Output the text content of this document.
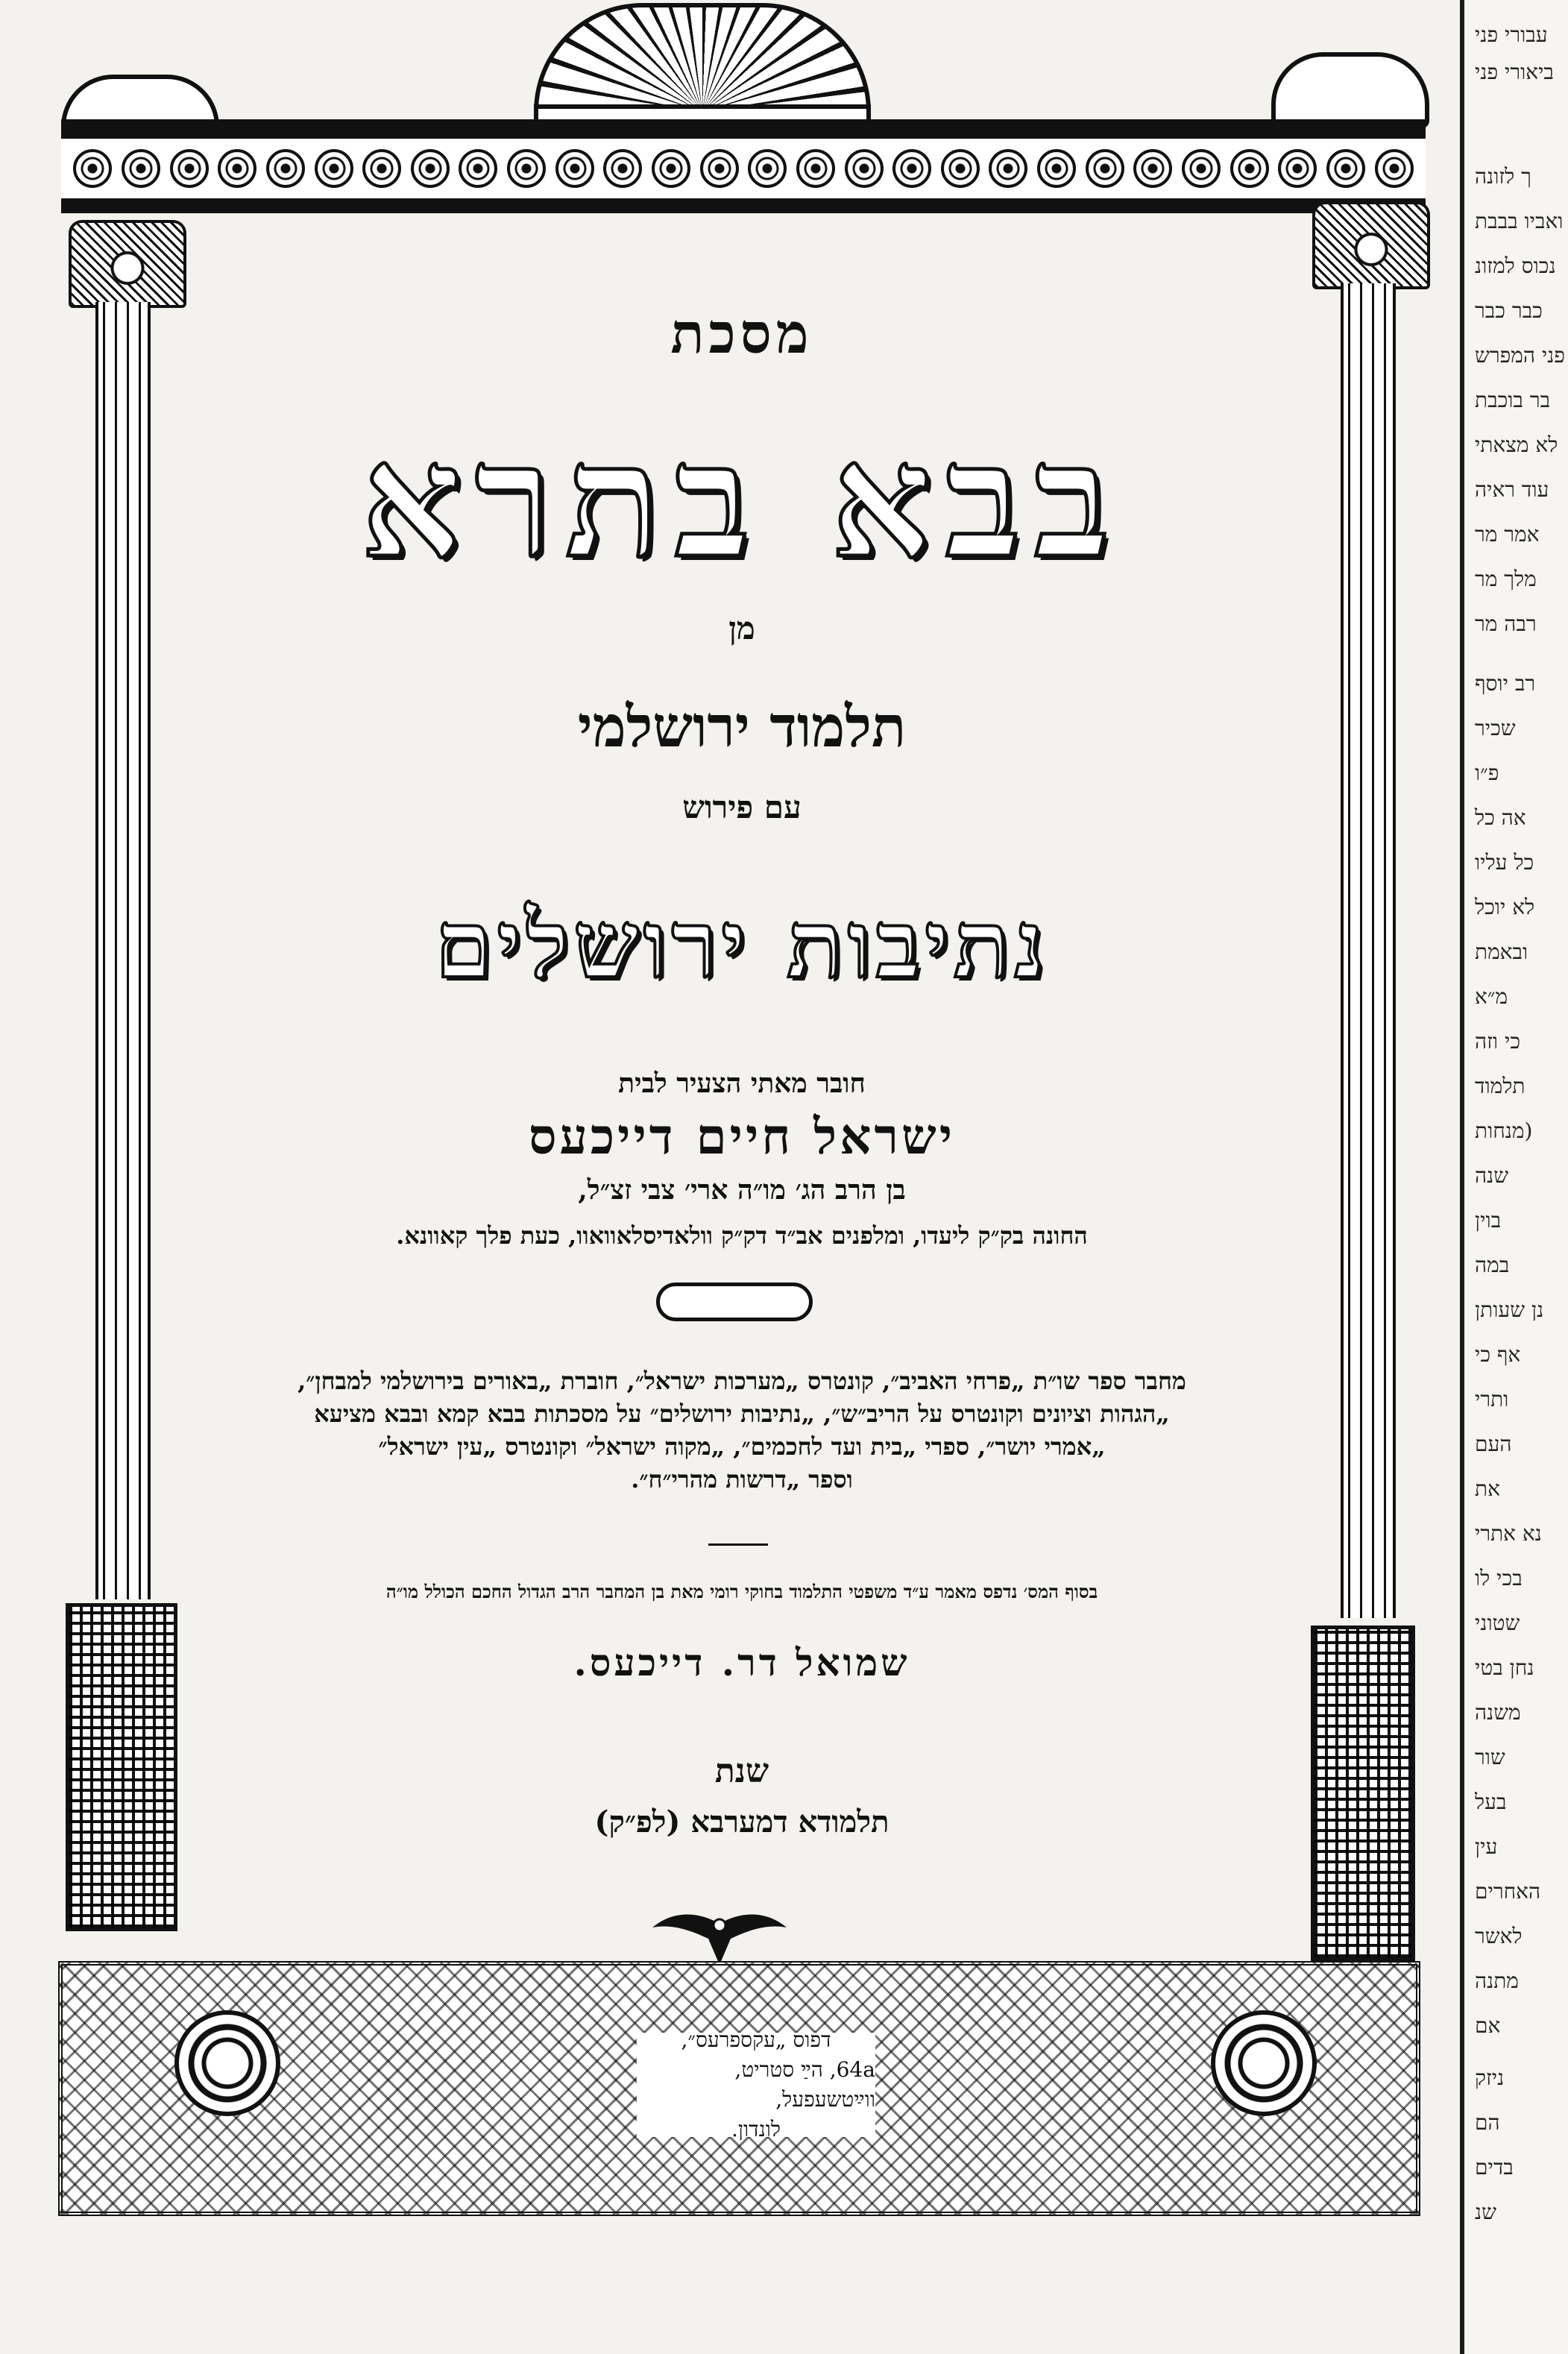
מסכת
בבא בתרא
מן
תלמוד ירושלמי
עם פירוש
נתיבות ירושלים
חובר מאתי הצעיר לבית
ישראל חיים דייכעס
בן הרב הג׳ מו״ה ארי׳ צבי זצ״ל,
החונה בק״ק ליעדו, ומלפנים אב״ד דק״ק וולאדיסלאוואוו, כעת פלך קאוונא.
מחבר ספר שו״ת „פרחי האביב״, קונטרס „מערכות ישראל״, חוברת „באורים בירושלמי למבחן״,
„הגהות וציונים וקונטרס על הריב״ש״, „נתיבות ירושלים״ על מסכתות בבא קמא ובבא מציעא
„אמרי יושר״, ספרי „בית ועד לחכמים״, „מקוה ישראל״ וקונטרס „עין ישראל״
וספר „דרשות מהרי״ח״.
בסוף המס׳ נדפס מאמר ע״ד משפטי התלמוד בחוקי רומי מאת בן המחבר הרב הגדול החכם הכולל מו״ה
שמואל דר. דייכעס.
שנת
תלמודא דמערבא (לפ״ק)
דפוס „עקספרעס״,
64a, הײַ סטריט, ווײַטשעפעל,
לונדון.
עבורי פני
ביאורי פני
ך לזונה
ואביו בבבת
נכוס למזונ
כבר כבר
פני המפרש
בר בוכבת
לא מצאתי
עוד ראיה
אמר מר
מלך מר
רבה מר
רב יוסף
שכיר
פ״ו
אה כל
כל עליו
לא יוכל
ובאמת
מ״א
כי וזה
תלמוד
(מנחות
שנה
בוין
במה
נן שעותן
אף כי
ותרי
העם
את
נא אתרי
בכי לו
שטוני
נחן בטי
משנה
שור
בעל
עין
האחרים
לאשר
מתנה
אם
ניזק
הם
בדים
שנ
